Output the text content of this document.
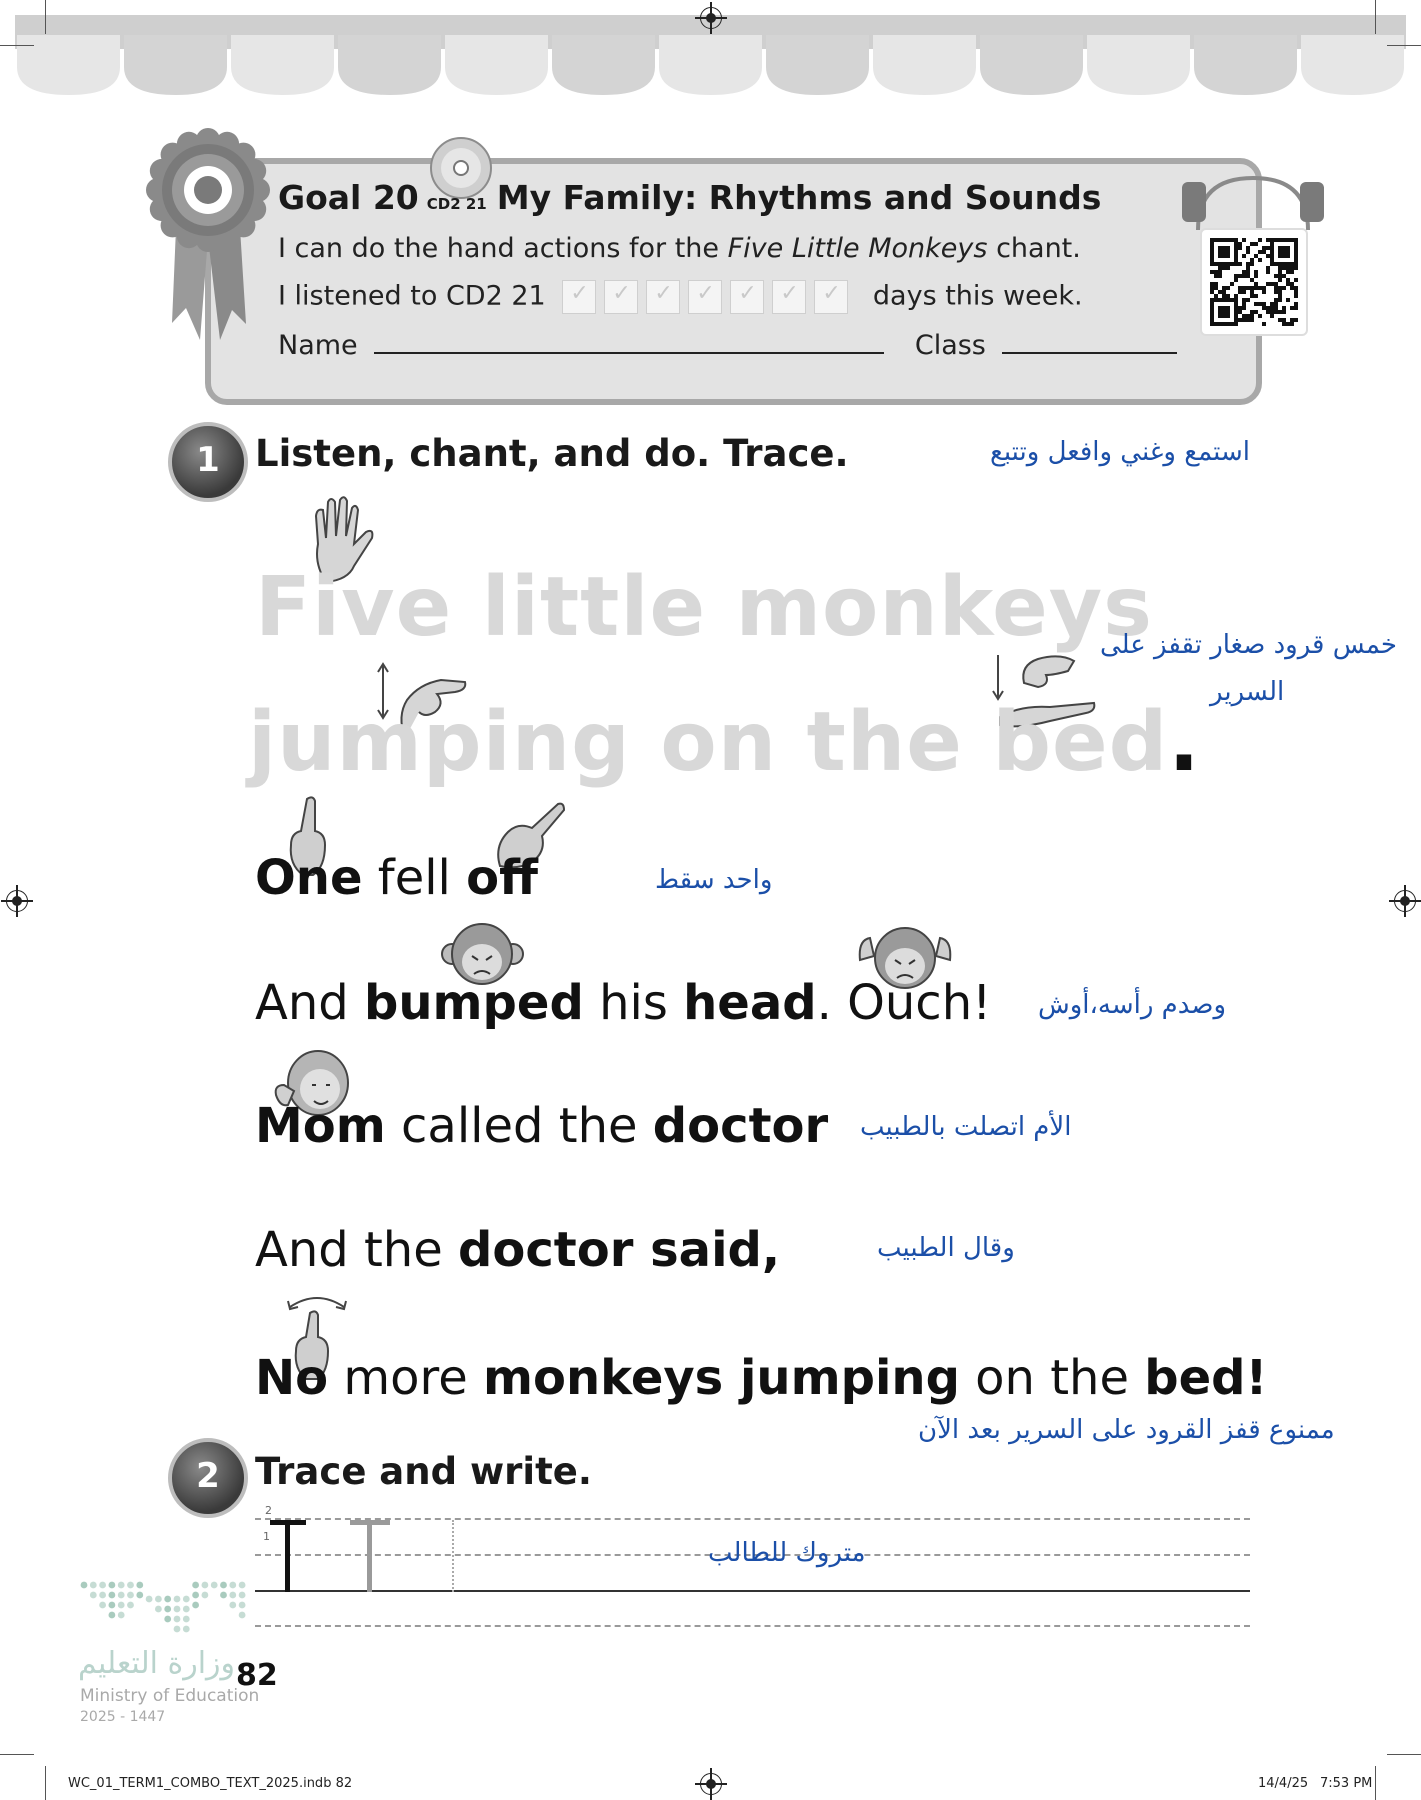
Goal 20 CD2 21 My Family: Rhythms and Sounds
I can do the hand actions for the Five Little Monkeys chant.
I listened to CD2 21 ✓ ✓ ✓ ✓ ✓ ✓ ✓	days this week.
Name	Class
1 Listen, chant, and do. Trace.	استمع وغني وافعل وتتبع
Five little monkeys
jumping on the bed.
خمس قرود صغار تقفز على
السرير
One fell off	واحد سقط
And bumped his head. Ouch! وصدم رأسه،أوش
Mom called the doctor الأم اتصلت بالطبيب
And the doctor said,	وقال الطبيب
No more monkeys jumping on the bed!
ممنوع قفز القرود على السرير بعد الآن
2 Trace and write.
2
1
متروك للطالب
وزارة التعليم
Ministry of Education
2025 - 1447
82
WC_01_TERM1_COMBO_TEXT_2025.indb 82	14/4/25 7:53 PM
